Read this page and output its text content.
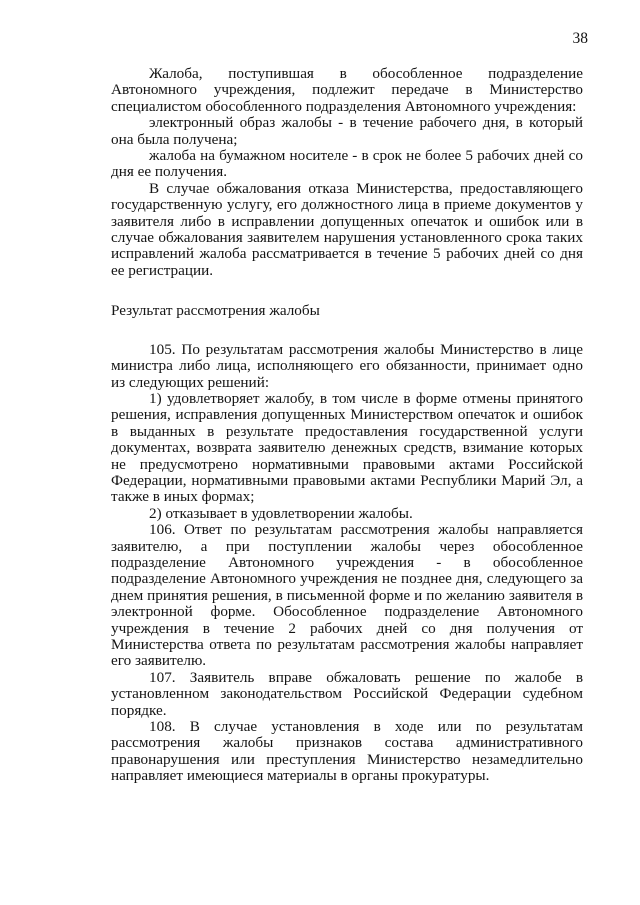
38

Жалоба, поступившая в обособленное подразделение Автономного учреждения, подлежит передаче в Министерство специалистом обособленного подразделения Автономного учреждения:

электронный образ жалобы - в течение рабочего дня, в который она была получена;

жалоба на бумажном носителе - в срок не более 5 рабочих дней со дня ее получения.

В случае обжалования отказа Министерства, предоставляющего государственную услугу, его должностного лица в приеме документов у заявителя либо в исправлении допущенных опечаток и ошибок или в случае обжалования заявителем нарушения установленного срока таких исправлений жалоба рассматривается в течение 5 рабочих дней со дня ее регистрации.

Результат рассмотрения жалобы

105. По результатам рассмотрения жалобы Министерство в лице министра либо лица, исполняющего его обязанности, принимает одно из следующих решений:

1) удовлетворяет жалобу, в том числе в форме отмены принятого решения, исправления допущенных Министерством опечаток и ошибок в выданных в результате предоставления государственной услуги документах, возврата заявителю денежных средств, взимание которых не предусмотрено нормативными правовыми актами Российской Федерации, нормативными правовыми актами Республики Марий Эл, а также в иных формах;

2) отказывает в удовлетворении жалобы.

106. Ответ по результатам рассмотрения жалобы направляется заявителю, а при поступлении жалобы через обособленное подразделение Автономного учреждения - в обособленное подразделение Автономного учреждения не позднее дня, следующего за днем принятия решения, в письменной форме и по желанию заявителя в электронной форме. Обособленное подразделение Автономного учреждения в течение 2 рабочих дней со дня получения от Министерства ответа по результатам рассмотрения жалобы направляет его заявителю.

107. Заявитель вправе обжаловать решение по жалобе в установленном законодательством Российской Федерации судебном порядке.

108. В случае установления в ходе или по результатам рассмотрения жалобы признаков состава административного правонарушения или преступления Министерство незамедлительно направляет имеющиеся материалы в органы прокуратуры.
